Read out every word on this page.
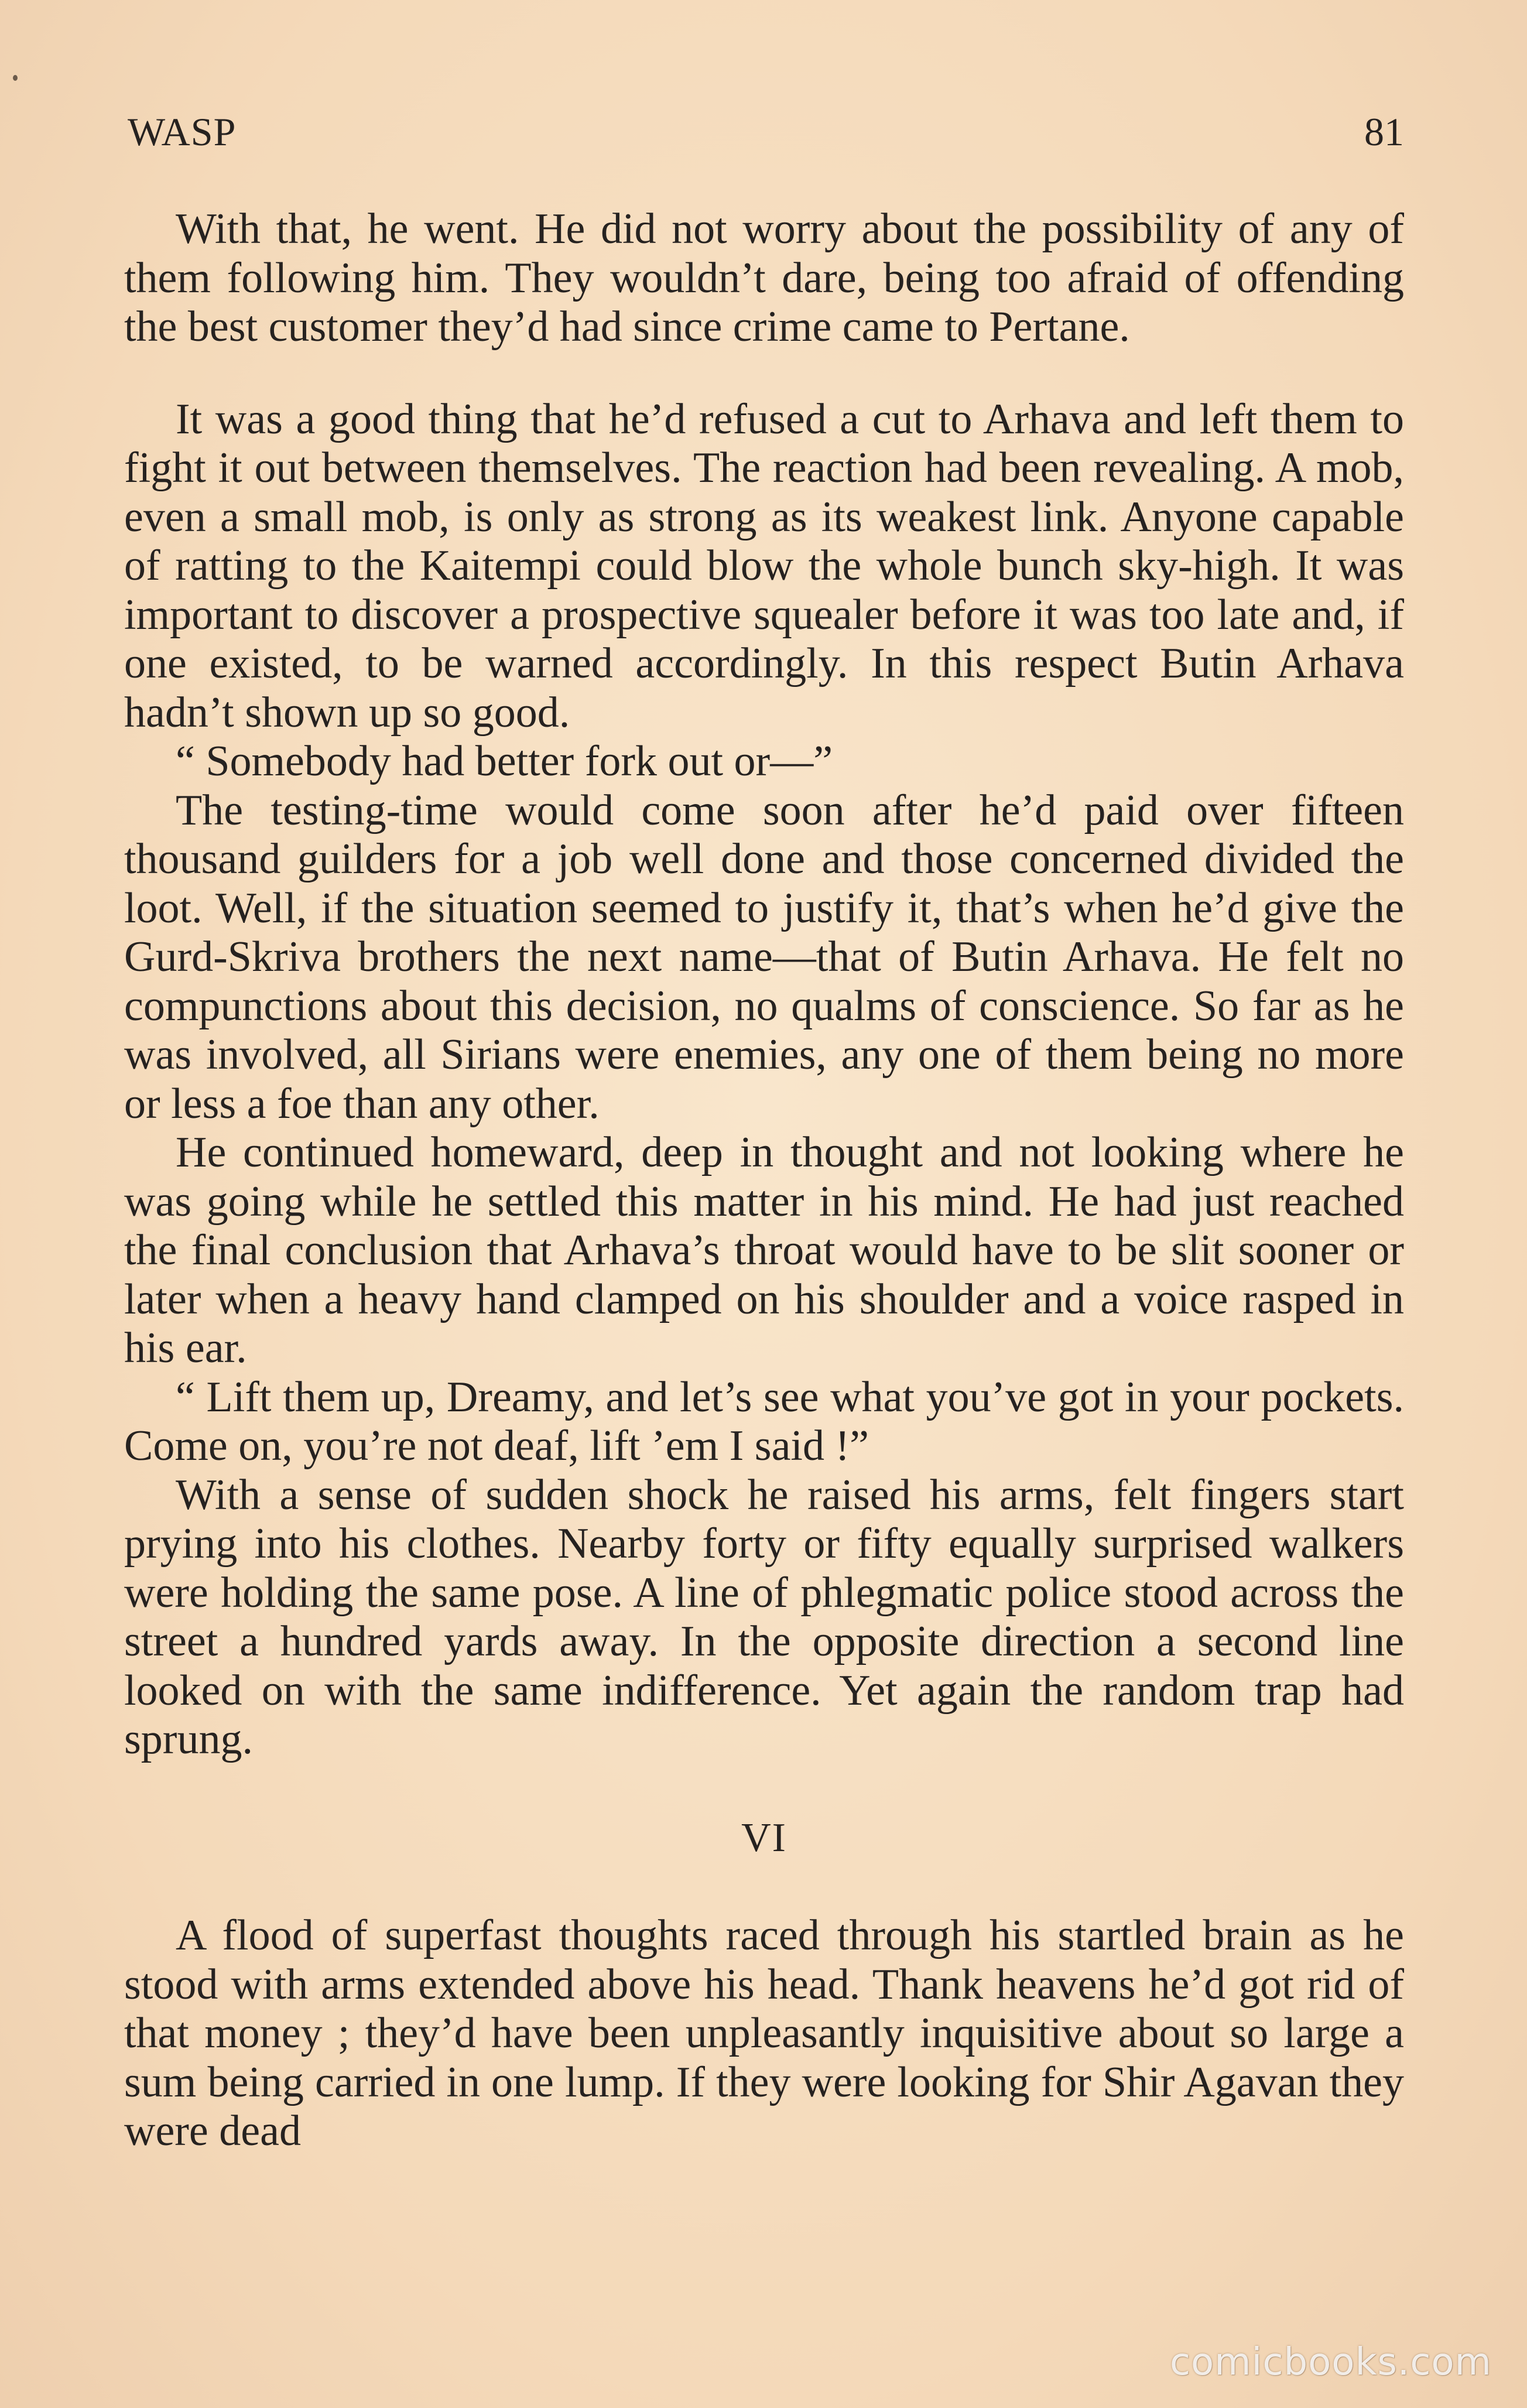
WASP	81

With that, he went. He did not worry about the possibility of any of them following him. They wouldn’t dare, being too afraid of offending the best customer they’d had since crime came to Pertane.

It was a good thing that he’d refused a cut to Arhava and left them to fight it out between themselves. The reaction had been revealing. A mob, even a small mob, is only as strong as its weakest link. Anyone capable of ratting to the Kaitempi could blow the whole bunch sky-high. It was important to discover a prospective squealer before it was too late and, if one existed, to be warned accordingly. In this respect Butin Arhava hadn’t shown up so good.

“ Somebody had better fork out or—”

The testing-time would come soon after he’d paid over fifteen thousand guilders for a job well done and those concerned divided the loot. Well, if the situation seemed to justify it, that’s when he’d give the Gurd-Skriva brothers the next name—that of Butin Arhava. He felt no compunctions about this decision, no qualms of conscience. So far as he was involved, all Sirians were enemies, any one of them being no more or less a foe than any other.

He continued homeward, deep in thought and not looking where he was going while he settled this matter in his mind. He had just reached the final conclusion that Arhava’s throat would have to be slit sooner or later when a heavy hand clamped on his shoulder and a voice rasped in his ear.

“ Lift them up, Dreamy, and let’s see what you’ve got in your pockets. Come on, you’re not deaf, lift ’em I said !”

With a sense of sudden shock he raised his arms, felt fingers start prying into his clothes. Nearby forty or fifty equally surprised walkers were holding the same pose. A line of phlegmatic police stood across the street a hundred yards away. In the opposite direction a second line looked on with the same indifference. Yet again the random trap had sprung.

VI

A flood of superfast thoughts raced through his startled brain as he stood with arms extended above his head. Thank heavens he’d got rid of that money ; they’d have been unpleasantly inquisitive about so large a sum being carried in one lump. If they were looking for Shir Agavan they were dead

comicbooks.com
